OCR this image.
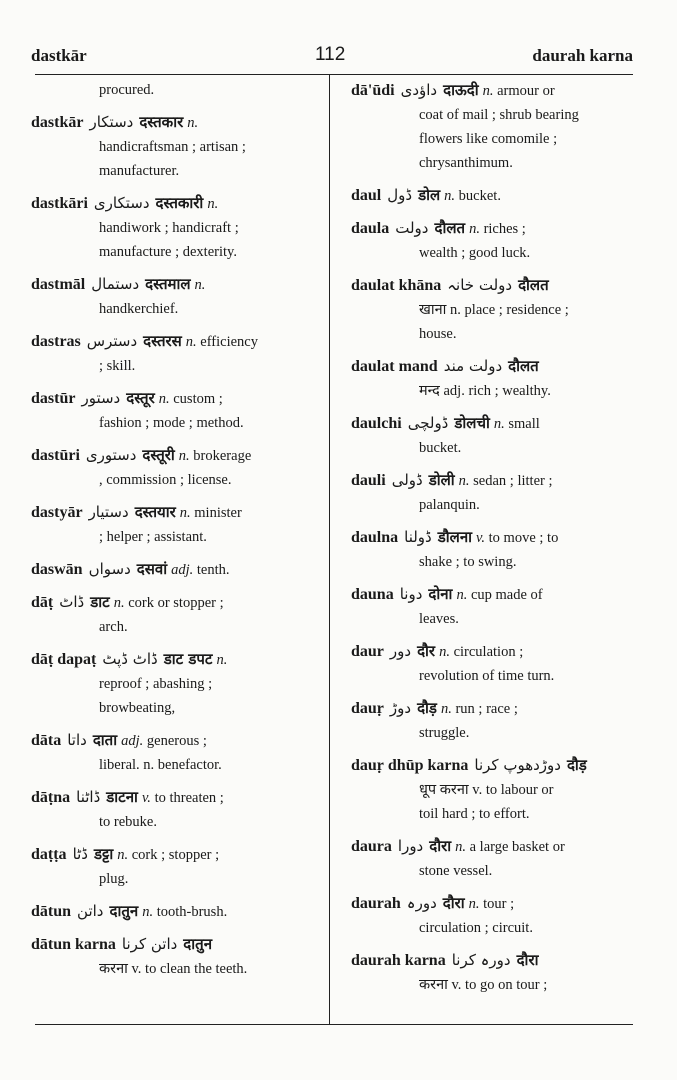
dastkār	112	daurah karna
procured.
dastkār دستکار दस्तकार n.
handicraftsman ; artisan ;
manufacturer.
dastkāri دستکاری दस्तकारी n.
handiwork ; handicraft ;
manufacture ; dexterity.
dastmāl دستمال दस्तमाल n.
handkerchief.
dastras دسترس दस्तरस n. efficiency
; skill.
dastūr دستور दस्तूर n. custom ;
fashion ; mode ; method.
dastūri دستوری दस्तूरी n. brokerage
, commission ; license.
dastyār دستیار दस्तयार n. minister
; helper ; assistant.
daswān دسواں दसवां adj. tenth.
dāṭ ڈاٹ डाट n. cork or stopper ;
arch.
dāṭ dapaṭ ڈاٹ ڈپٹ डाट डपट n.
reproof ; abashing ;
browbeating,
dāta داتا दाता adj. generous ;
liberal. n. benefactor.
dāṭna ڈاٹنا डाटना v. to threaten ;
to rebuke.
daṭṭa ڈٹا डट्टा n. cork ; stopper ;
plug.
dātun داتن दातुन n. tooth-brush.
dātun karna داتن کرنا दातुन
करना v. to clean the teeth.
dā'ūdi داؤدی दाऊदी n. armour or
coat of mail ; shrub bearing
flowers like comomile ;
chrysanthimum.
daul ڈول डोल n. bucket.
daula دولت दौलत n. riches ;
wealth ; good luck.
daulat khāna دولت خانہ दौलत
खाना n. place ; residence ;
house.
daulat mand دولت مند दौलत
मन्द adj. rich ; wealthy.
daulchi ڈولچی डोलची n. small
bucket.
dauli ڈولی डोली n. sedan ; litter ;
palanquin.
daulna ڈولنا डौलना v. to move ; to
shake ; to swing.
dauna دونا दोना n. cup made of
leaves.
daur دور दौर n. circulation ;
revolution of time turn.
dauṛ دوڑ दौड़ n. run ; race ;
struggle.
dauṛ dhūp karna دوڑدھوپ کرنا दौड़
धूप करना v. to labour or
toil hard ; to effort.
daura دورا दौरा n. a large basket or
stone vessel.
daurah دورہ दौरा n. tour ;
circulation ; circuit.
daurah karna دورہ کرنا दौरा
करना v. to go on tour ;
